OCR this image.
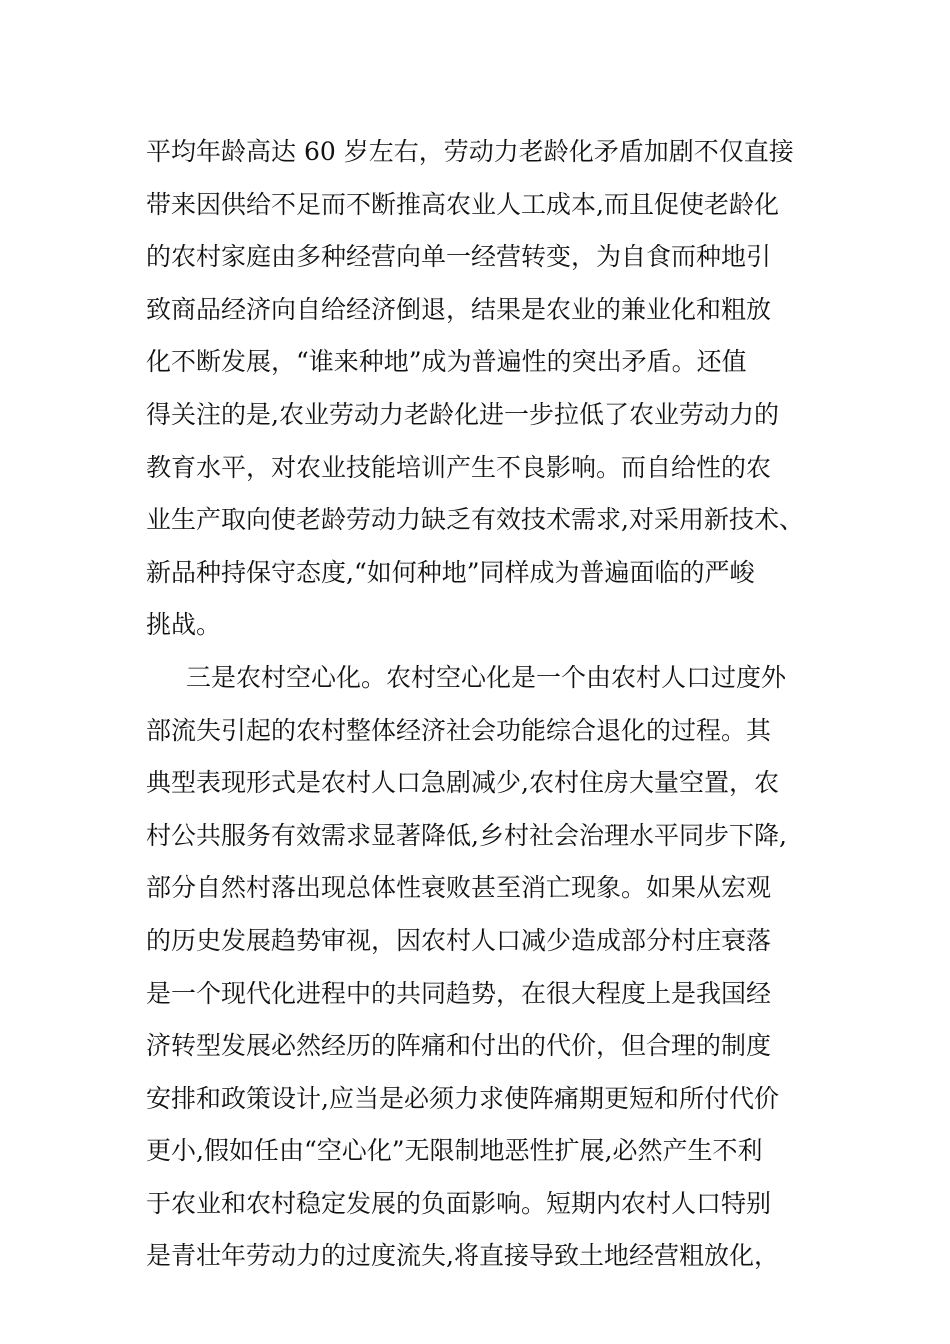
平均年龄高达 60 岁左右，劳动力老龄化矛盾加剧不仅直接
带来因供给不足而不断推高农业人工成本,而且促使老龄化
的农村家庭由多种经营向单一经营转变，为自食而种地引
致商品经济向自给经济倒退，结果是农业的兼业化和粗放
化不断发展，“谁来种地”成为普遍性的突出矛盾。还值
得关注的是,农业劳动力老龄化进一步拉低了农业劳动力的
教育水平，对农业技能培训产生不良影响。而自给性的农
业生产取向使老龄劳动力缺乏有效技术需求,对采用新技术、
新品种持保守态度,“如何种地”同样成为普遍面临的严峻
挑战。
三是农村空心化。农村空心化是一个由农村人口过度外
部流失引起的农村整体经济社会功能综合退化的过程。其
典型表现形式是农村人口急剧减少,农村住房大量空置，农
村公共服务有效需求显著降低,乡村社会治理水平同步下降,
部分自然村落出现总体性衰败甚至消亡现象。如果从宏观
的历史发展趋势审视，因农村人口减少造成部分村庄衰落
是一个现代化进程中的共同趋势，在很大程度上是我国经
济转型发展必然经历的阵痛和付出的代价，但合理的制度
安排和政策设计,应当是必须力求使阵痛期更短和所付代价
更小,假如任由“空心化”无限制地恶性扩展,必然产生不利
于农业和农村稳定发展的负面影响。短期内农村人口特别
是青壮年劳动力的过度流失,将直接导致土地经营粗放化，
